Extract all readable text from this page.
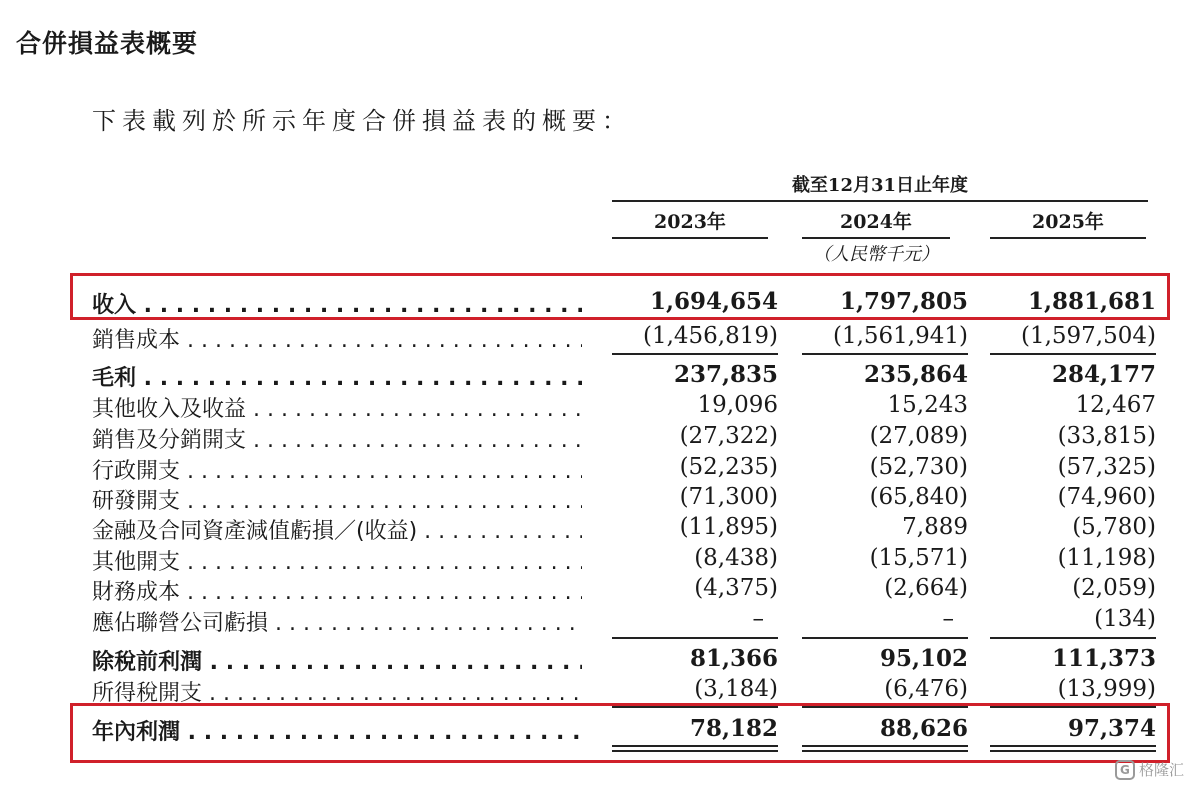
合併損益表概要
下表載列於所示年度合併損益表的概要：
截至12月31日止年度
2023年	2024年	2025年
（人民幣千元）
收入 . . .	1,694,654	1,797,805	1,881,681
銷售成本 . . .	(1,456,819)	(1,561,941)	(1,597,504)
毛利 . . .	237,835	235,864	284,177
其他收入及收益 . . .	19,096	15,243	12,467
銷售及分銷開支 . . .	(27,322)	(27,089)	(33,815)
行政開支 . . .	(52,235)	(52,730)	(57,325)
研發開支 . . .	(71,300)	(65,840)	(74,960)
金融及合同資產減值虧損／(收益) . . .	(11,895)	7,889	(5,780)
其他開支 . . .	(8,438)	(15,571)	(11,198)
財務成本 . . .	(4,375)	(2,664)	(2,059)
應佔聯營公司虧損 . . .	–	–	(134)
除稅前利潤 . . .	81,366	95,102	111,373
所得稅開支 . . .	(3,184)	(6,476)	(13,999)
年內利潤 . . .	78,182	88,626	97,374
G 格隆汇
